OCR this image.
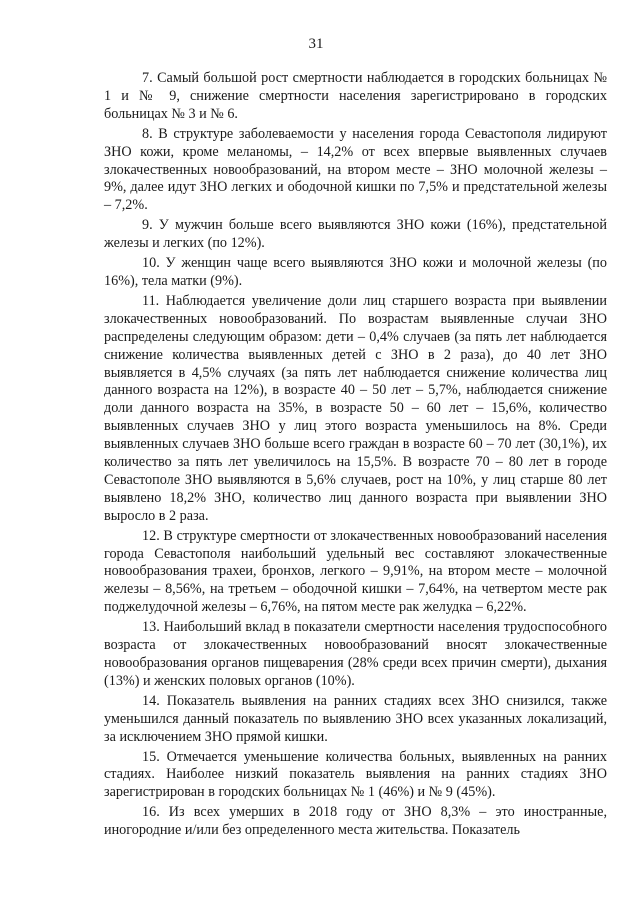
31

7. Самый большой рост смертности наблюдается в городских больницах № 1 и № 9, снижение смертности населения зарегистрировано в городских больницах № 3 и № 6.

8. В структуре заболеваемости у населения города Севастополя лидируют ЗНО кожи, кроме меланомы, – 14,2% от всех впервые выявленных случаев злокачественных новообразований, на втором месте – ЗНО молочной железы – 9%, далее идут ЗНО легких и ободочной кишки по 7,5% и предстательной железы – 7,2%.

9. У мужчин больше всего выявляются ЗНО кожи (16%), предстательной железы и легких (по 12%).

10. У женщин чаще всего выявляются ЗНО кожи и молочной железы (по 16%), тела матки (9%).

11. Наблюдается увеличение доли лиц старшего возраста при выявлении злокачественных новообразований. По возрастам выявленные случаи ЗНО распределены следующим образом: дети – 0,4% случаев (за пять лет наблюдается снижение количества выявленных детей с ЗНО в 2 раза), до 40 лет ЗНО выявляется в 4,5% случаях (за пять лет наблюдается снижение количества лиц данного возраста на 12%), в возрасте 40 – 50 лет – 5,7%, наблюдается снижение доли данного возраста на 35%, в возрасте 50 – 60 лет – 15,6%, количество выявленных случаев ЗНО у лиц этого возраста уменьшилось на 8%. Среди выявленных случаев ЗНО больше всего граждан в возрасте 60 – 70 лет (30,1%), их количество за пять лет увеличилось на 15,5%. В возрасте 70 – 80 лет в городе Севастополе ЗНО выявляются в 5,6% случаев, рост на 10%, у лиц старше 80 лет выявлено 18,2% ЗНО, количество лиц данного возраста при выявлении ЗНО выросло в 2 раза.

12. В структуре смертности от злокачественных новообразований населения города Севастополя наибольший удельный вес составляют злокачественные новообразования трахеи, бронхов, легкого – 9,91%, на втором месте – молочной железы – 8,56%, на третьем – ободочной кишки – 7,64%, на четвертом месте рак поджелудочной железы – 6,76%, на пятом месте рак желудка – 6,22%.

13. Наибольший вклад в показатели смертности населения трудоспособного возраста от злокачественных новообразований вносят злокачественные новообразования органов пищеварения (28% среди всех причин смерти), дыхания (13%) и женских половых органов (10%).

14. Показатель выявления на ранних стадиях всех ЗНО снизился, также уменьшился данный показатель по выявлению ЗНО всех указанных локализаций, за исключением ЗНО прямой кишки.

15. Отмечается уменьшение количества больных, выявленных на ранних стадиях. Наиболее низкий показатель выявления на ранних стадиях ЗНО зарегистрирован в городских больницах № 1 (46%) и № 9 (45%).

16. Из всех умерших в 2018 году от ЗНО 8,3% – это иностранные, иногородние и/или без определенного места жительства. Показатель
